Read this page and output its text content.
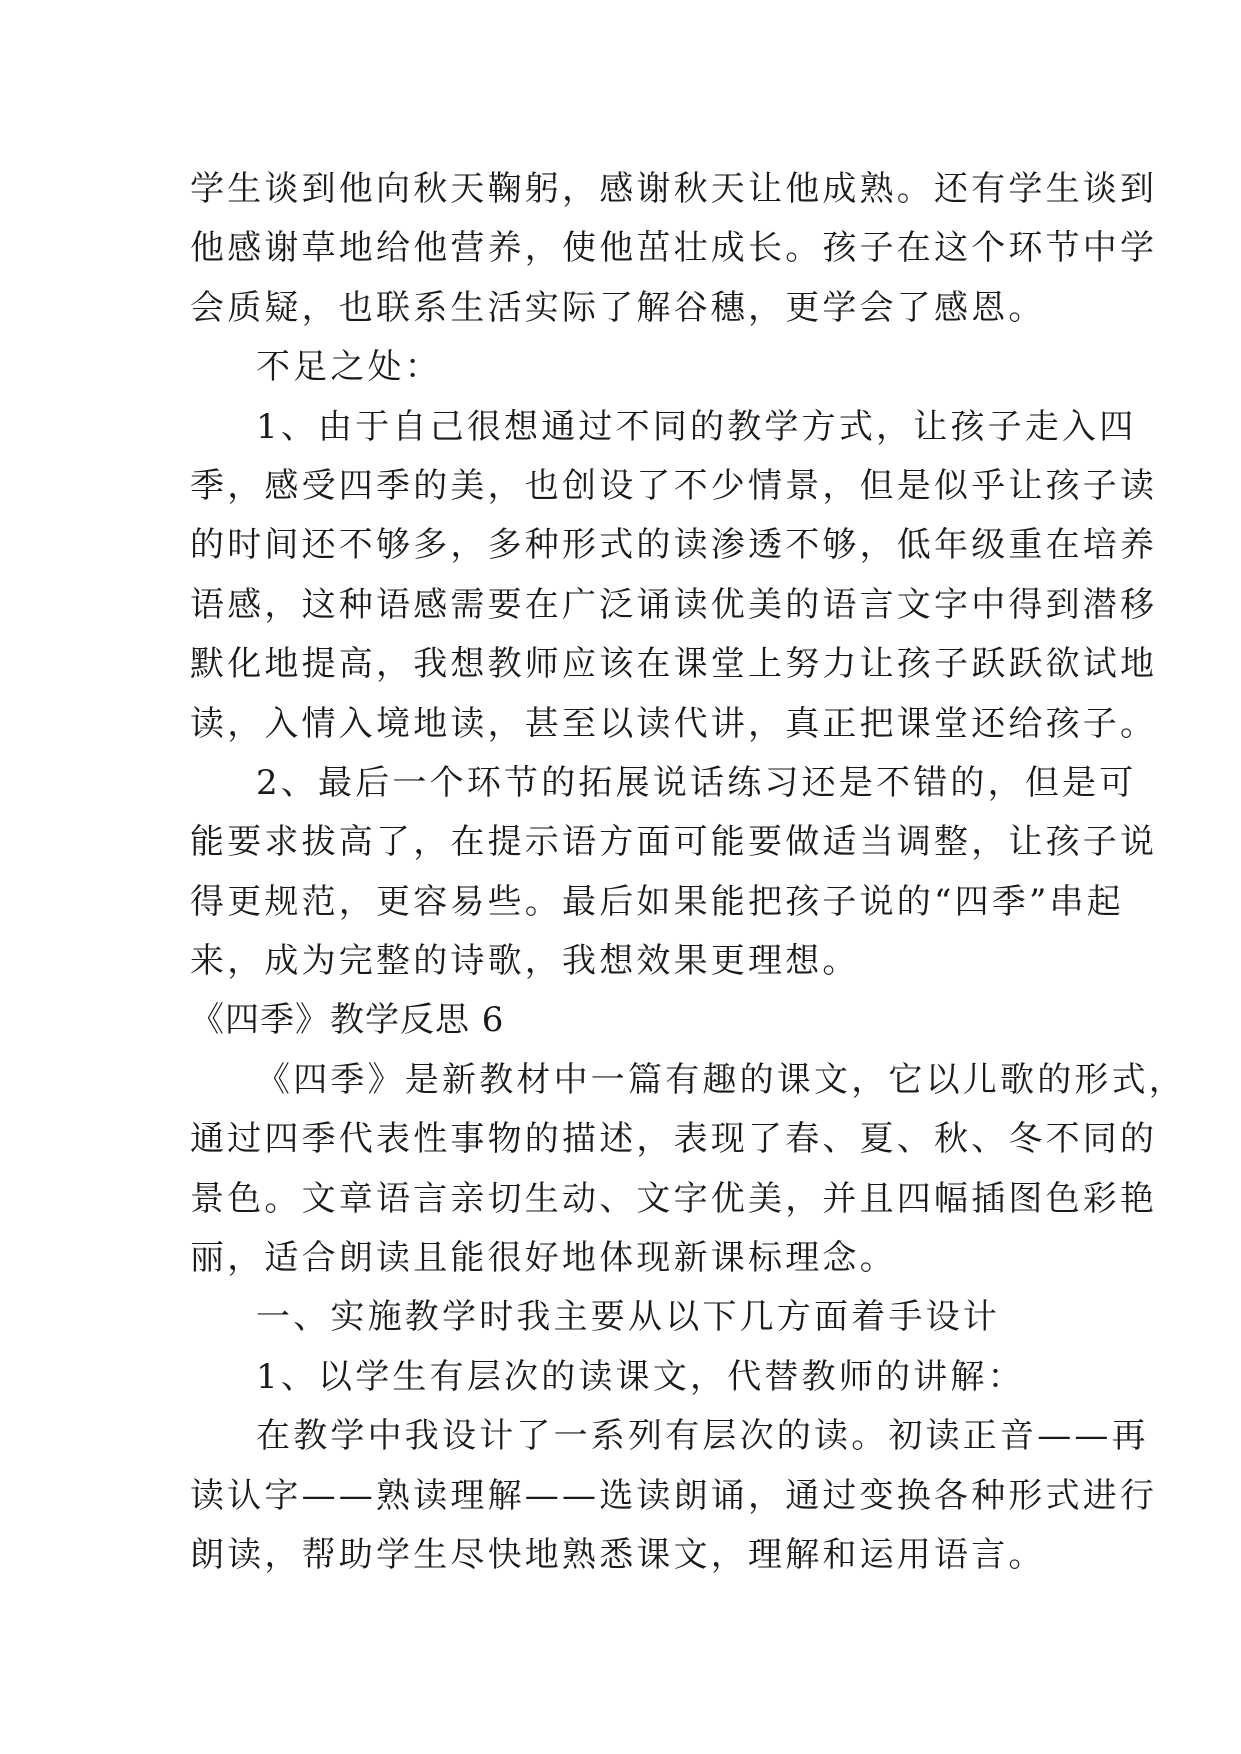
学生谈到他向秋天鞠躬，感谢秋天让他成熟。还有学生谈到
他感谢草地给他营养，使他茁壮成长。孩子在这个环节中学
会质疑，也联系生活实际了解谷穗，更学会了感恩。
不足之处：
1、由于自己很想通过不同的教学方式，让孩子走入四
季，感受四季的美，也创设了不少情景，但是似乎让孩子读
的时间还不够多，多种形式的读渗透不够，低年级重在培养
语感，这种语感需要在广泛诵读优美的语言文字中得到潜移
默化地提高，我想教师应该在课堂上努力让孩子跃跃欲试地
读，入情入境地读，甚至以读代讲，真正把课堂还给孩子。
2、最后一个环节的拓展说话练习还是不错的，但是可
能要求拔高了，在提示语方面可能要做适当调整，让孩子说
得更规范，更容易些。最后如果能把孩子说的“四季”串起
来，成为完整的诗歌，我想效果更理想。
《四季》教学反思 6
《四季》是新教材中一篇有趣的课文，它以儿歌的形式，
通过四季代表性事物的描述，表现了春、夏、秋、冬不同的
景色。文章语言亲切生动、文字优美，并且四幅插图色彩艳
丽，适合朗读且能很好地体现新课标理念。
一、实施教学时我主要从以下几方面着手设计
1、以学生有层次的读课文，代替教师的讲解：
在教学中我设计了一系列有层次的读。初读正音——再
读认字——熟读理解——选读朗诵，通过变换各种形式进行
朗读，帮助学生尽快地熟悉课文，理解和运用语言。
